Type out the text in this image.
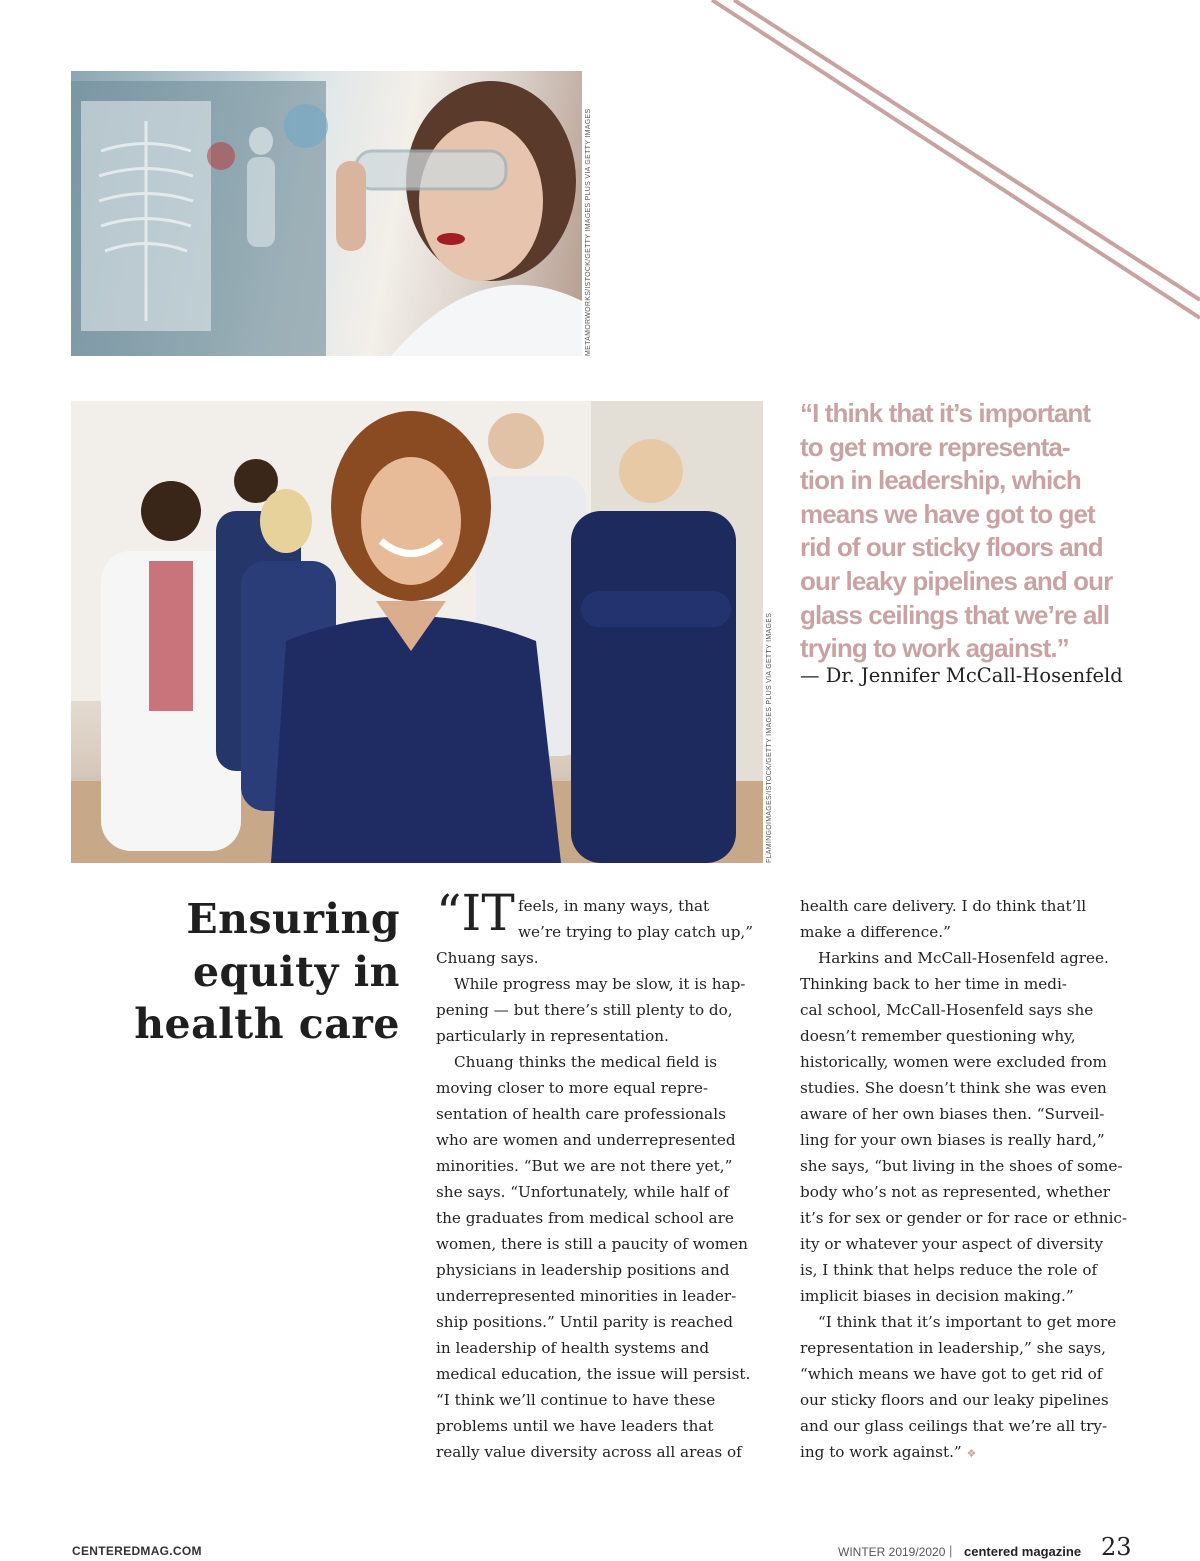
METAMORWORKS/ISTOCK/GETTY IMAGES PLUS VIA GETTY IMAGES
FLAMINGOIMAGES/ISTOCK/GETTY IMAGES PLUS VIA GETTY IMAGES
“I think that it’s important
to get more representa-
tion in leadership, which
means we have got to get
rid of our sticky floors and
our leaky pipelines and our
glass ceilings that we’re all
trying to work against.”
— Dr. Jennifer McCall-Hosenfeld
Ensuring
equity in
health care
“IT feels, in many ways, that
we’re trying to play catch up,”
Chuang says.
While progress may be slow, it is hap-
pening — but there’s still plenty to do,
particularly in representation.
Chuang thinks the medical field is
moving closer to more equal repre-
sentation of health care professionals
who are women and underrepresented
minorities. “But we are not there yet,”
she says. “Unfortunately, while half of
the graduates from medical school are
women, there is still a paucity of women
physicians in leadership positions and
underrepresented minorities in leader-
ship positions.” Until parity is reached
in leadership of health systems and
medical education, the issue will persist.
“I think we’ll continue to have these
problems until we have leaders that
really value diversity across all areas of
health care delivery. I do think that’ll
make a difference.”
Harkins and McCall-Hosenfeld agree.
Thinking back to her time in medi-
cal school, McCall-Hosenfeld says she
doesn’t remember questioning why,
historically, women were excluded from
studies. She doesn’t think she was even
aware of her own biases then. “Surveil-
ling for your own biases is really hard,”
she says, “but living in the shoes of some-
body who’s not as represented, whether
it’s for sex or gender or for race or ethnic-
ity or whatever your aspect of diversity
is, I think that helps reduce the role of
implicit biases in decision making.”
“I think that it’s important to get more
representation in leadership,” she says,
“which means we have got to get rid of
our sticky floors and our leaky pipelines
and our glass ceilings that we’re all try-
ing to work against.” ❖
CENTEREDMAG.COM	WINTER 2019/2020 | centered magazine 23
